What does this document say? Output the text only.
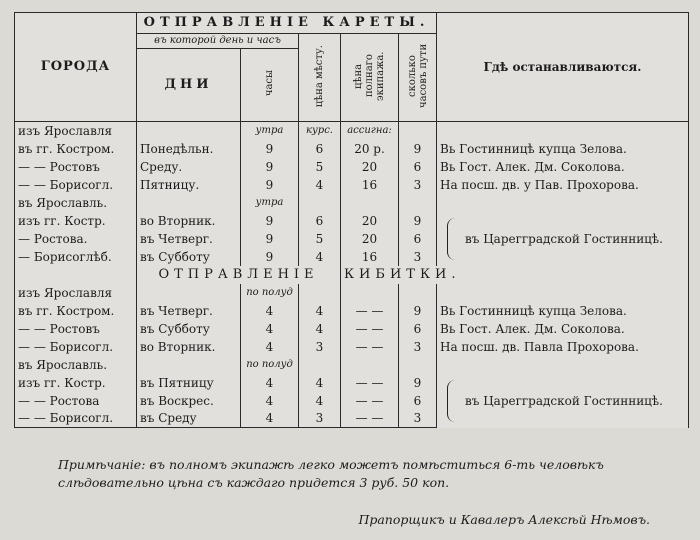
ГОРОДА	ОТПРАВЛЕНІЕ КАРЕТЫ.					Гдѣ останавливаются.
	въ которой день и часъ		цѣна мѣсту.	цѣна полнаго экипажа.	сколько часовъ пути	
	ДНИ	часы				
изъ Ярославля		утра	курс.	ассигна:		
въ гг. Костром.	Понедѣльн.	9	6	20 р.	9	Вь Гостинницѣ купца Зелова.
— — Ростовъ	Среду.	9	5	20	6	Вь Гост. Алек. Дм. Соколова.
— — Борисогл.	Пятницу.	9	4	16	3	На посш. дв. у Пав. Прохорова.
въ Ярославль.		утра				
изъ гг. Костр.	во Вторник.	9	6	20	9	въ Царегградской Гостинницѣ.
— Ростова.	въ Четверг.	9	5	20	6	
— Борисоглѣб.	въ Субботу	9	4	16	3	
	ОТПРАВЛЕНІЕ			КИБИТКИ.		
изъ Ярославля		по полуд				
въ гг. Костром.	въ Четверг.	4	4	— —	9	Вь Гостинницѣ купца Зелова.
— — Ростовъ	въ Субботу	4	4	— —	6	Вь Гост. Алек. Дм. Соколова.
— — Борисогл.	во Вторник.	4	3	— —	3	На посш. дв. Павла Прохорова.
въ Ярославль.		по полуд				
изъ гг. Костр.	въ Пятницу	4	4	— —	9	въ Царегградской Гостинницѣ.
— — Ростова	въ Воскрес.	4	4	— —	6	
— — Борисогл.	въ Среду	4	3	— —	3	
Примѣчаніе: въ полномъ экипажѣ легко можетъ помѣститься 6-ть человѣкъ слѣдовательно цѣна съ каждаго придется 3 руб. 50 коп.
Прапорщикъ и Кавалеръ Алексѣй Нѣмовъ.
